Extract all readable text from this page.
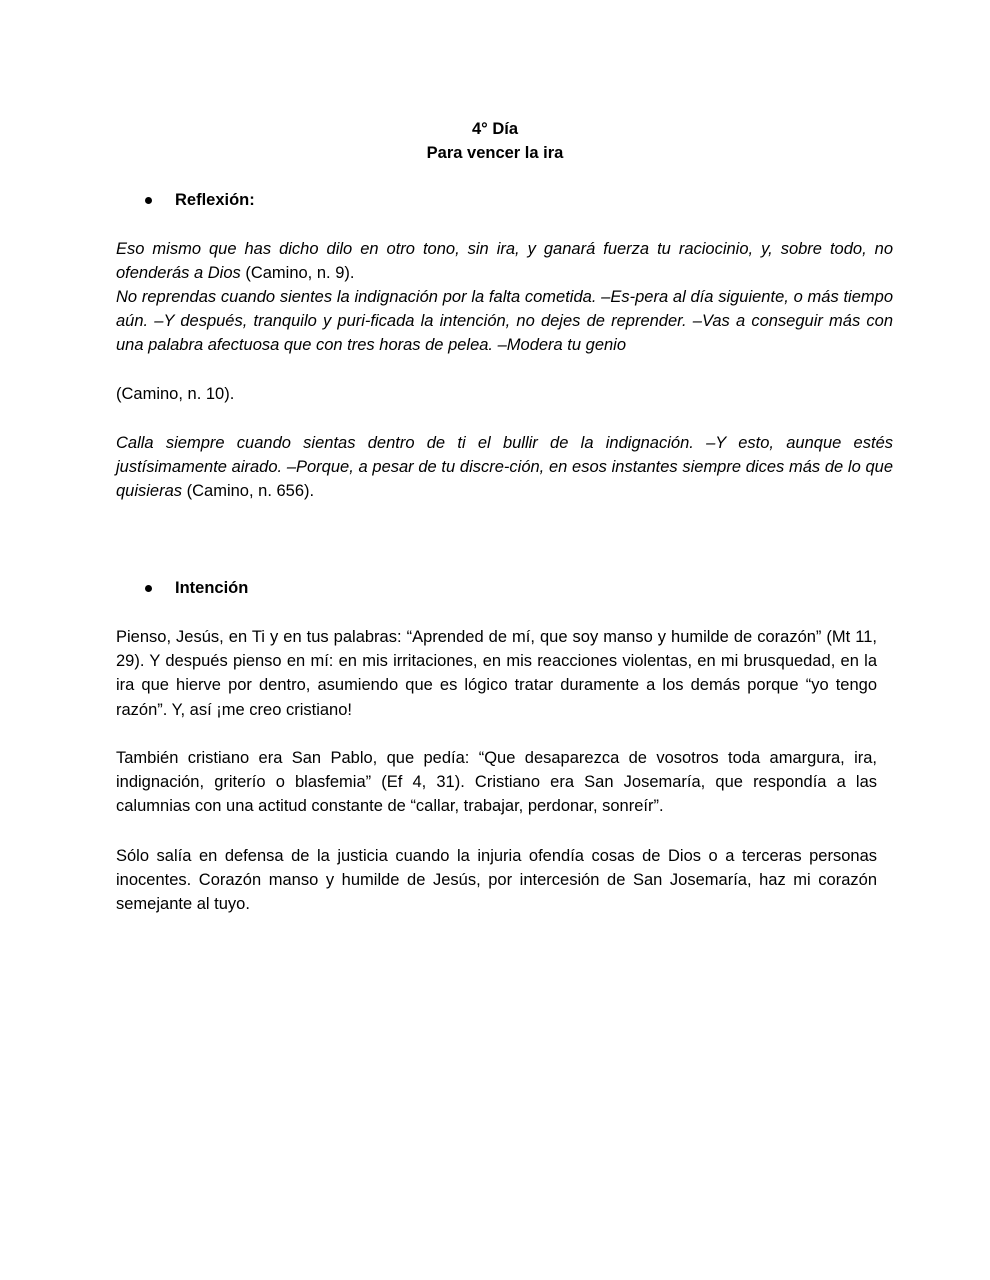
4° Día
Para vencer la ira
Reflexión:

Eso mismo que has dicho dilo en otro tono, sin ira, y ganará fuerza tu raciocinio, y, sobre todo, no ofenderás a Dios (Camino, n. 9).

No reprendas cuando sientes la indignación por la falta cometida. –Es-pera al día siguiente, o más tiempo aún. –Y después, tranquilo y puri-ficada la intención, no dejes de reprender. –Vas a conseguir más con una palabra afectuosa que con tres horas de pelea. –Modera tu genio

(Camino, n. 10).

Calla siempre cuando sientas dentro de ti el bullir de la indignación. –Y esto, aunque estés justísimamente airado. –Porque, a pesar de tu discre-ción, en esos instantes siempre dices más de lo que quisieras (Camino, n. 656).

Intención

Pienso, Jesús, en Ti y en tus palabras: “Aprended de mí, que soy manso y humilde de corazón” (Mt 11, 29). Y después pienso en mí: en mis irritaciones, en mis reacciones violentas, en mi brusquedad, en la ira que hierve por dentro, asumiendo que es lógico tratar duramente a los demás porque “yo tengo razón”. Y, así ¡me creo cristiano!

También cristiano era San Pablo, que pedía: “Que desaparezca de vosotros toda amargura, ira, indignación, griterío o blasfemia” (Ef 4, 31). Cristiano era San Josemaría, que respondía a las calumnias con una actitud constante de “callar, trabajar, perdonar, sonreír”.

Sólo salía en defensa de la justicia cuando la injuria ofendía cosas de Dios o a terceras personas inocentes. Corazón manso y humilde de Jesús, por intercesión de San Josemaría, haz mi corazón semejante al tuyo.
